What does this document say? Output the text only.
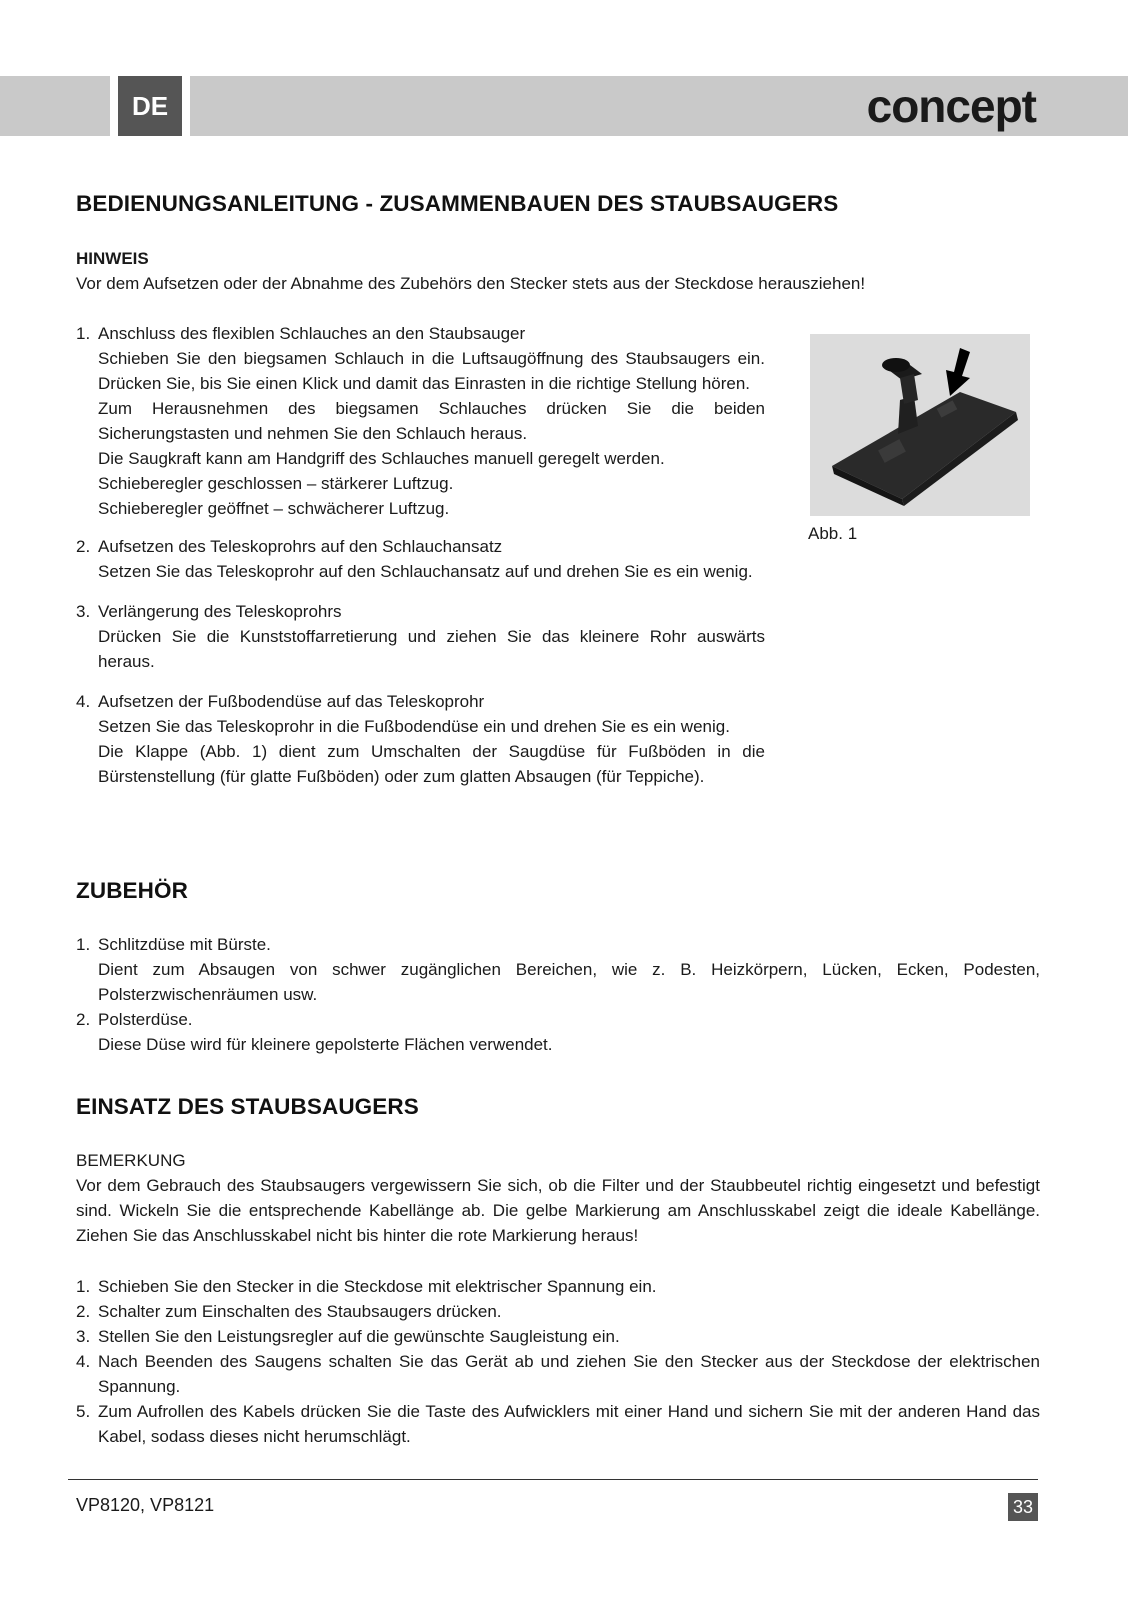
DE	concept
BEDIENUNGSANLEITUNG - ZUSAMMENBAUEN DES STAUBSAUGERS

HINWEIS

Vor dem Aufsetzen oder der Abnahme des Zubehörs den Stecker stets aus der Steckdose herausziehen!

1. Anschluss des flexiblen Schlauches an den Staubsauger
Schieben Sie den biegsamen Schlauch in die Luftsaugöffnung des Staubsaugers ein. Drücken Sie, bis Sie einen Klick und damit das Einrasten in die richtige Stellung hören.
Zum Herausnehmen des biegsamen Schlauches drücken Sie die beiden Sicherungstasten und nehmen Sie den Schlauch heraus.
Die Saugkraft kann am Handgriff des Schlauches manuell geregelt werden.
Schieberegler geschlossen – stärkerer Luftzug.
Schieberegler geöffnet – schwächerer Luftzug.
2. Aufsetzen des Teleskoprohrs auf den Schlauchansatz
Setzen Sie das Teleskoprohr auf den Schlauchansatz auf und drehen Sie es ein wenig.
3. Verlängerung des Teleskoprohrs
Drücken Sie die Kunststoffarretierung und ziehen Sie das kleinere Rohr auswärts heraus.
4. Aufsetzen der Fußbodendüse auf das Teleskoprohr
Setzen Sie das Teleskoprohr in die Fußbodendüse ein und drehen Sie es ein wenig.
Die Klappe (Abb. 1) dient zum Umschalten der Saugdüse für Fußböden in die Bürstenstellung (für glatte Fußböden) oder zum glatten Absaugen (für Teppiche).
Abb. 1
ZUBEHÖR
1. Schlitzdüse mit Bürste.
Dient zum Absaugen von schwer zugänglichen Bereichen, wie z. B. Heizkörpern, Lücken, Ecken, Podesten, Polsterzwischenräumen usw.
2. Polsterdüse.
Diese Düse wird für kleinere gepolsterte Flächen verwendet.
EINSATZ DES STAUBSAUGERS

BEMERKUNG

Vor dem Gebrauch des Staubsaugers vergewissern Sie sich, ob die Filter und der Staubbeutel richtig eingesetzt und befestigt sind. Wickeln Sie die entsprechende Kabellänge ab. Die gelbe Markierung am Anschlusskabel zeigt die ideale Kabellänge. Ziehen Sie das Anschlusskabel nicht bis hinter die rote Markierung heraus!

1. Schieben Sie den Stecker in die Steckdose mit elektrischer Spannung ein.
2. Schalter zum Einschalten des Staubsaugers drücken.
3. Stellen Sie den Leistungsregler auf die gewünschte Saugleistung ein.
4. Nach Beenden des Saugens schalten Sie das Gerät ab und ziehen Sie den Stecker aus der Steckdose der elektrischen Spannung.
5. Zum Aufrollen des Kabels drücken Sie die Taste des Aufwicklers mit einer Hand und sichern Sie mit der anderen Hand das Kabel, sodass dieses nicht herumschlägt.
VP8120, VP8121	33
